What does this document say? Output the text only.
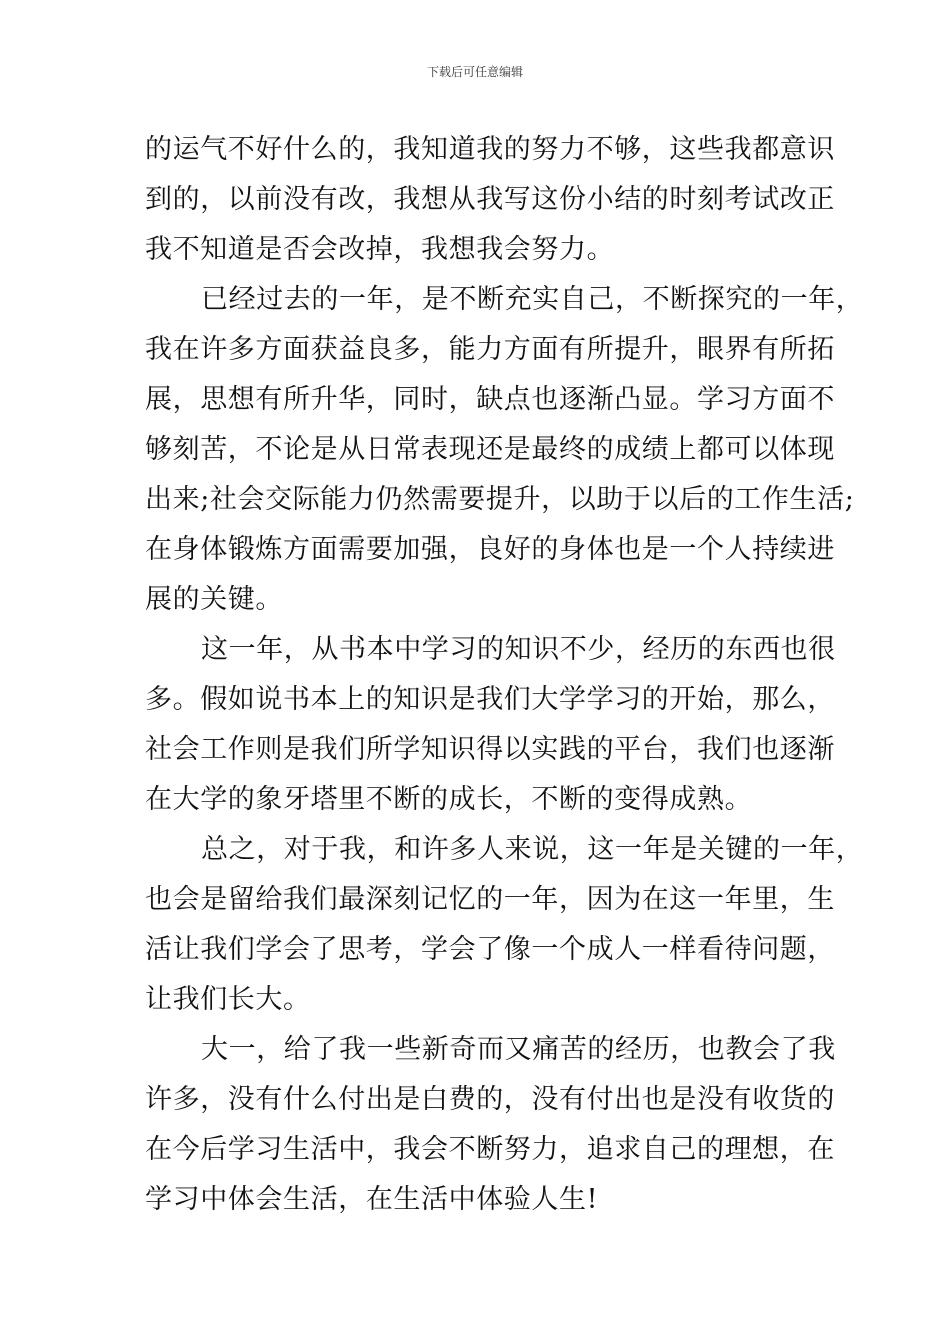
下载后可任意编辑
的运气不好什么的，我知道我的努力不够，这些我都意识
到的，以前没有改，我想从我写这份小结的时刻考试改正
我不知道是否会改掉，我想我会努力。
已经过去的一年，是不断充实自己，不断探究的一年，
我在许多方面获益良多，能力方面有所提升，眼界有所拓
展，思想有所升华，同时，缺点也逐渐凸显。学习方面不
够刻苦，不论是从日常表现还是最终的成绩上都可以体现
出来;社会交际能力仍然需要提升，以助于以后的工作生活;
在身体锻炼方面需要加强，良好的身体也是一个人持续进
展的关键。
这一年，从书本中学习的知识不少，经历的东西也很
多。假如说书本上的知识是我们大学学习的开始，那么，
社会工作则是我们所学知识得以实践的平台，我们也逐渐
在大学的象牙塔里不断的成长，不断的变得成熟。
总之，对于我，和许多人来说，这一年是关键的一年，
也会是留给我们最深刻记忆的一年，因为在这一年里，生
活让我们学会了思考，学会了像一个成人一样看待问题，
让我们长大。
大一，给了我一些新奇而又痛苦的经历，也教会了我
许多，没有什么付出是白费的，没有付出也是没有收货的
在今后学习生活中，我会不断努力，追求自己的理想，在
学习中体会生活，在生活中体验人生!
